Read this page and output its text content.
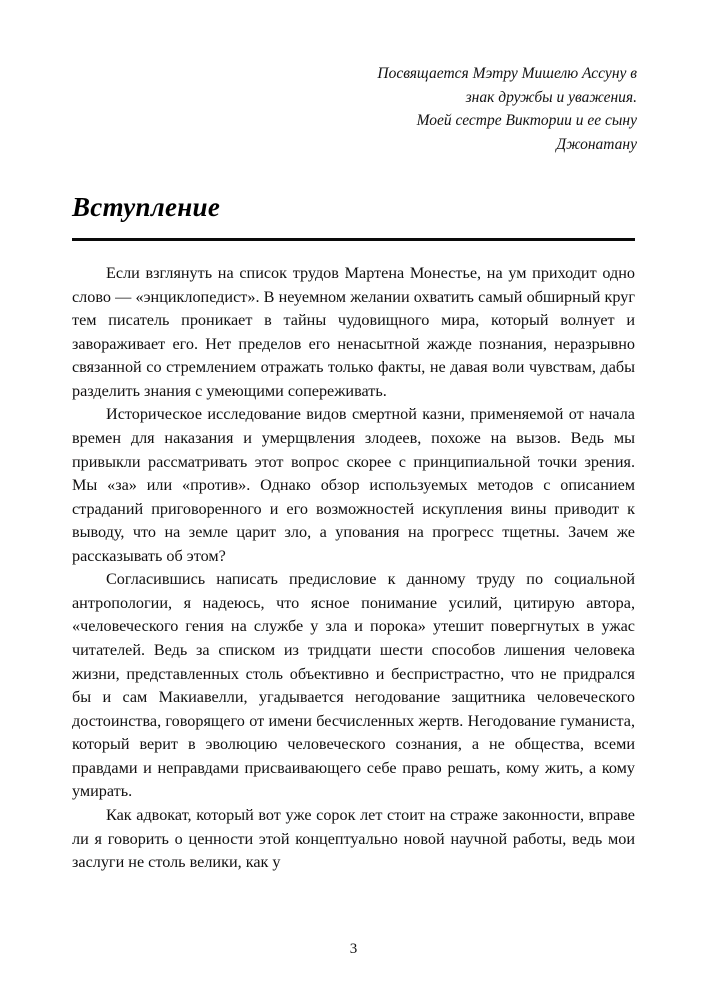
Посвящается Мэтру Мишелю Ассуну в
знак дружбы и уважения.
Моей сестре Виктории и ее сыну
Джонатану
Вступление

Если взглянуть на список трудов Мартена Монестье, на ум приходит одно слово — «энциклопедист». В неуемном желании охватить самый обширный круг тем писатель проникает в тайны чудовищного мира, который волнует и завораживает его. Нет пределов его ненасытной жажде познания, неразрывно связанной со стремлением отражать только факты, не давая воли чувствам, дабы разделить знания с умеющими сопереживать.

Историческое исследование видов смертной казни, применяемой от начала времен для наказания и умерщвления злодеев, похоже на вызов. Ведь мы привыкли рассматривать этот вопрос скорее с принципиальной точки зрения. Мы «за» или «против». Однако обзор используемых методов с описанием страданий приговоренного и его возможностей искупления вины приводит к выводу, что на земле царит зло, а упования на прогресс тщетны. Зачем же рассказывать об этом?

Согласившись написать предисловие к данному труду по социальной антропологии, я надеюсь, что ясное понимание усилий, цитирую автора, «человеческого гения на службе у зла и порока» утешит повергнутых в ужас читателей. Ведь за списком из тридцати шести способов лишения человека жизни, представленных столь объективно и беспристрастно, что не придрался бы и сам Макиавелли, угадывается негодование защитника человеческого достоинства, говорящего от имени бесчисленных жертв. Негодование гуманиста, который верит в эволюцию человеческого сознания, а не общества, всеми правдами и неправдами присваивающего себе право решать, кому жить, а кому умирать.

Как адвокат, который вот уже сорок лет стоит на страже законности, вправе ли я говорить о ценности этой концептуально новой научной работы, ведь мои заслуги не столь велики, как у

3
